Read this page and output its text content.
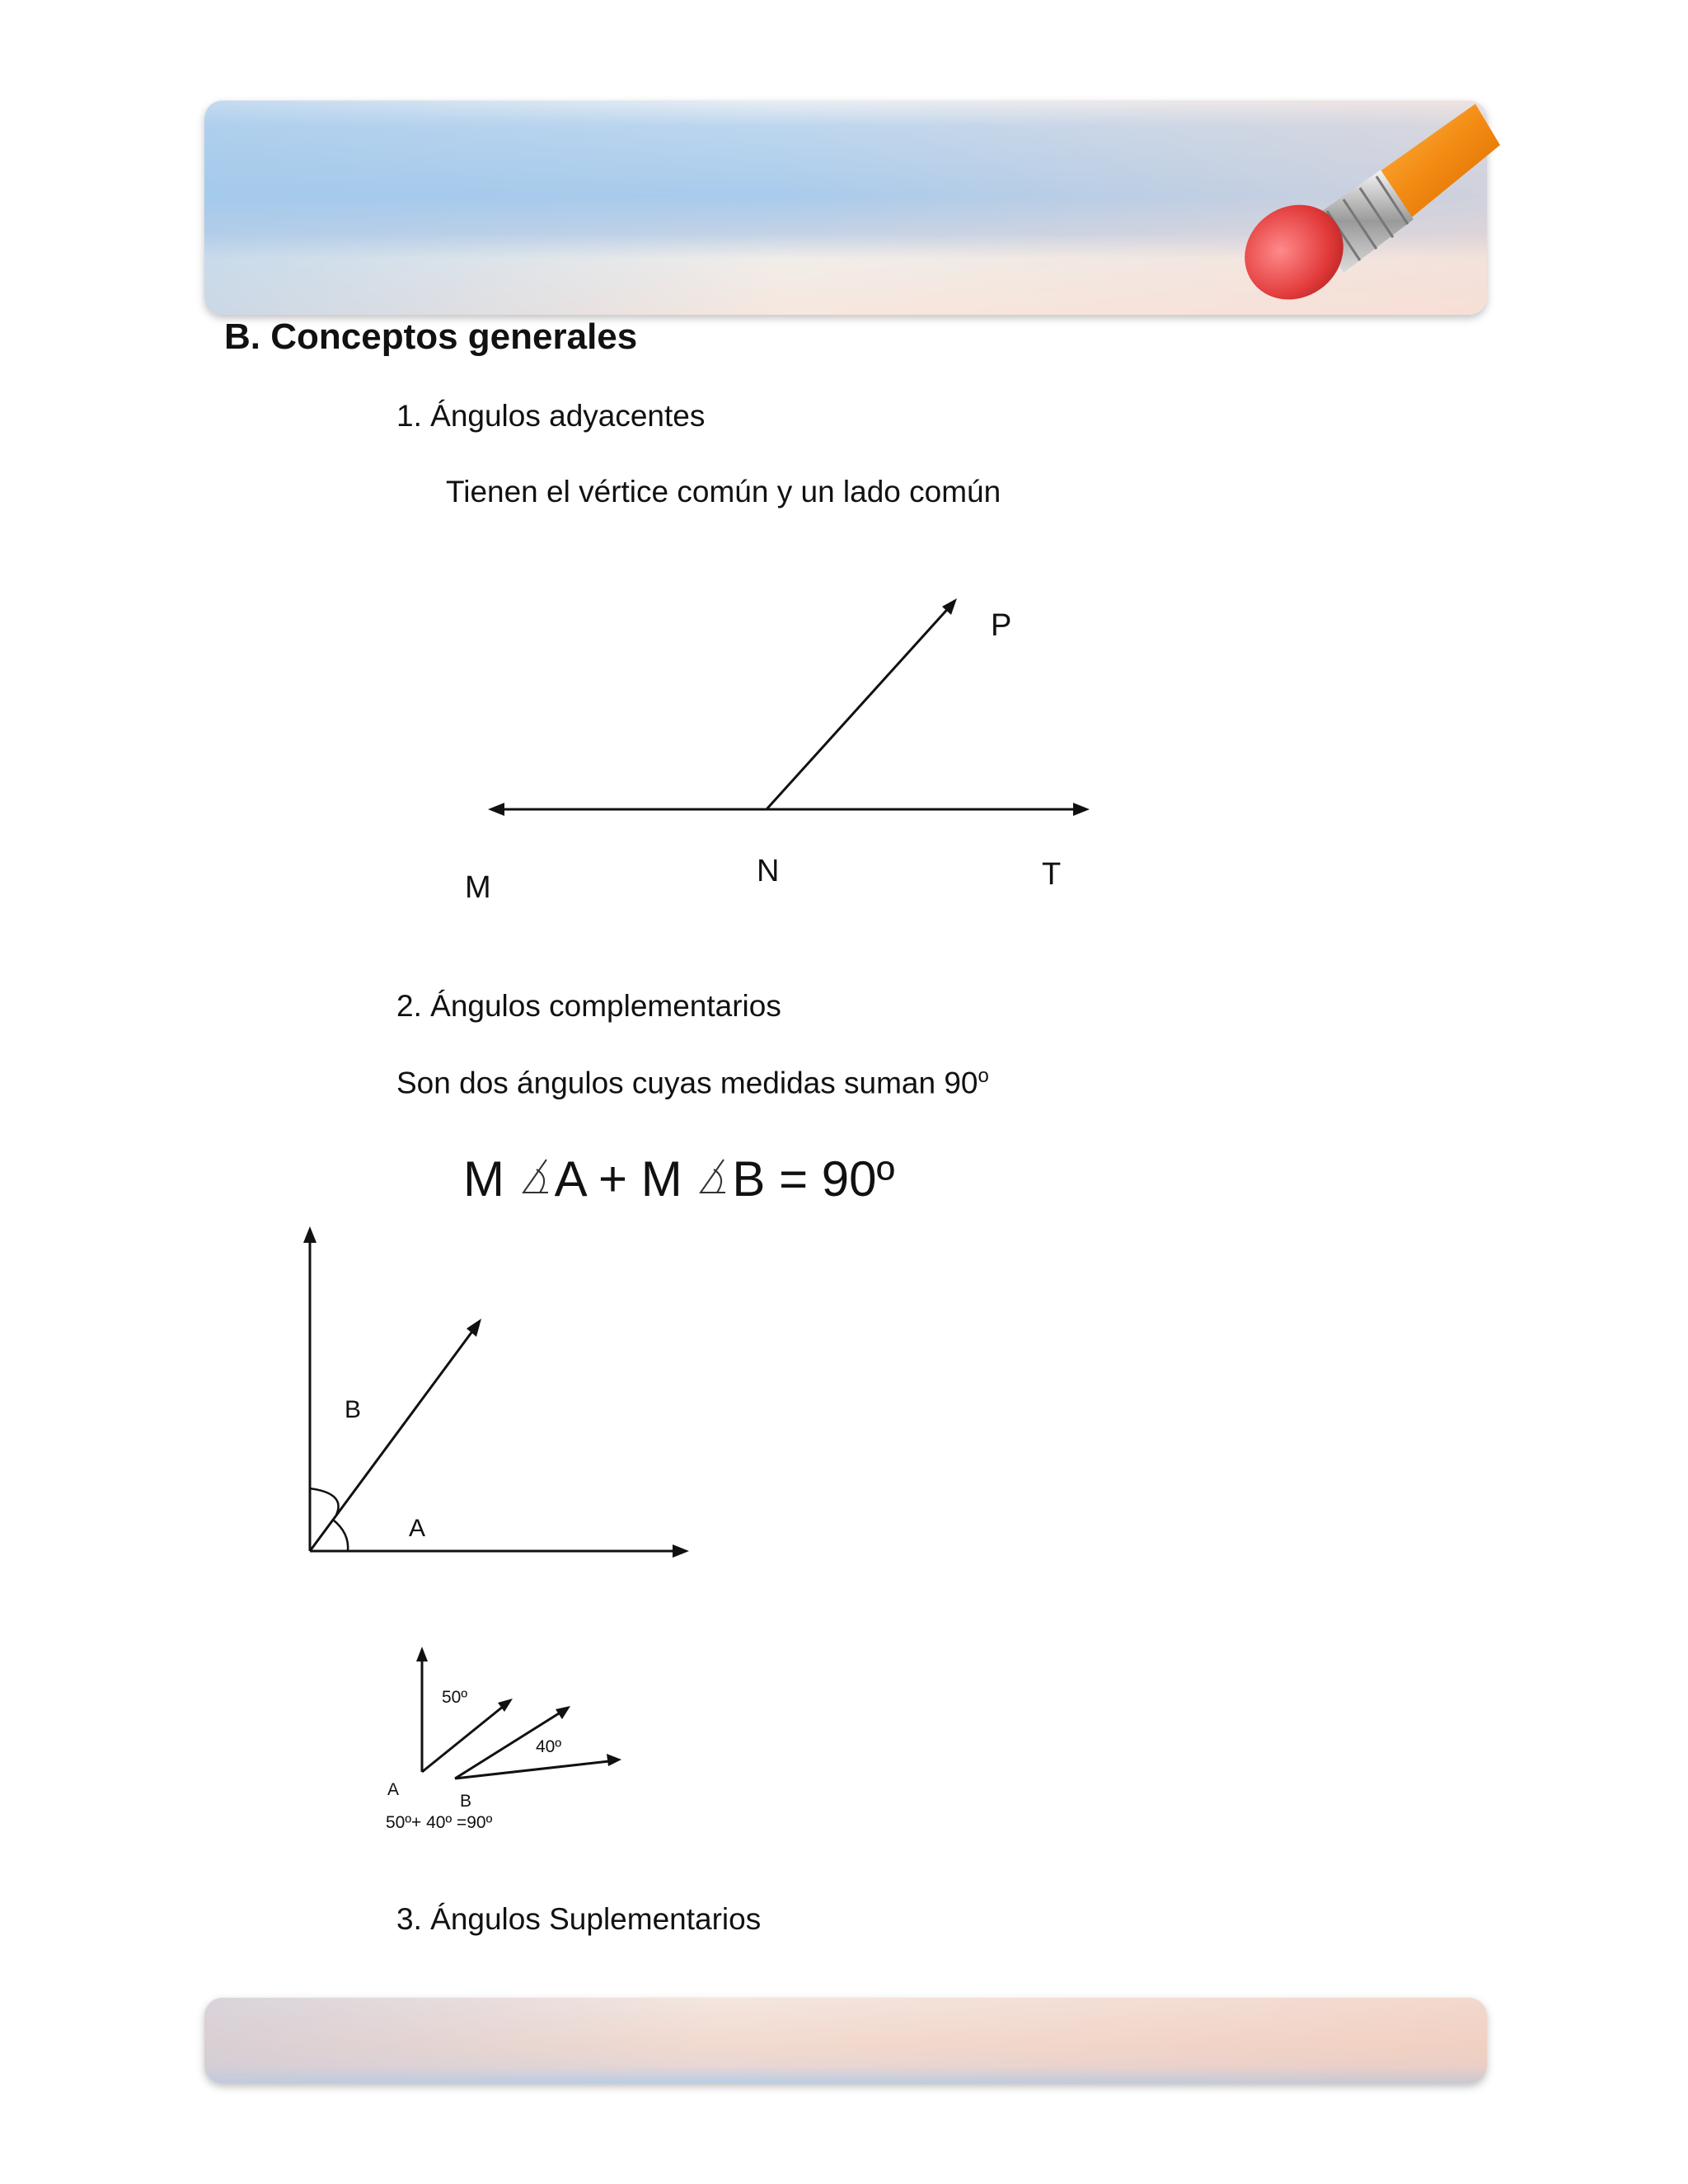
B. Conceptos generales

1. Ángulos adyacentes

Tienen el vértice común y un lado común

P

M	N	T

2. Ángulos complementarios

Son dos ángulos cuyas medidas suman 90$^o$

M A + M B = 90º

B

A

50º

40º

A

B

50º+ 40º =90º

3. Ángulos Suplementarios
